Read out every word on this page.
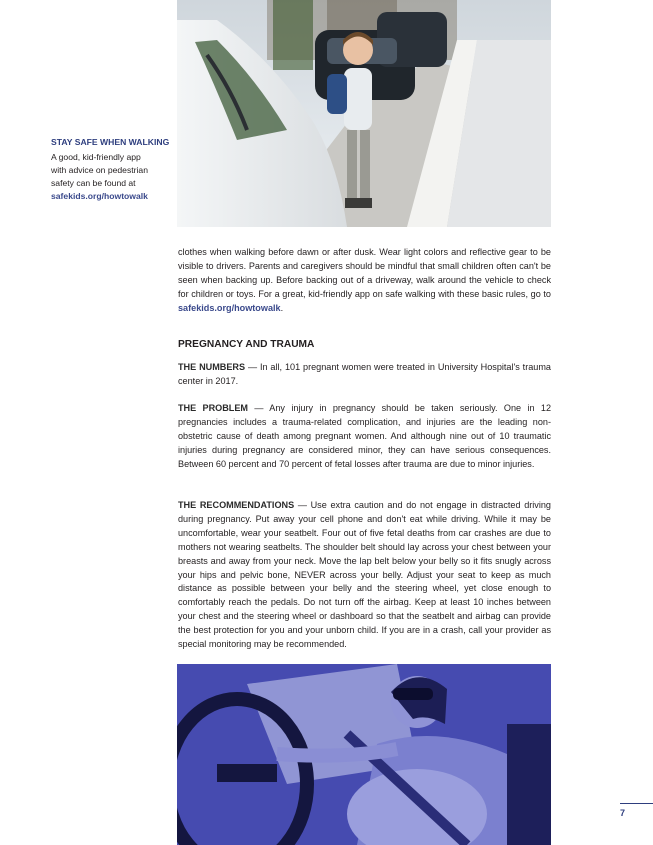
STAY SAFE WHEN WALKING
A good, kid-friendly app
with advice on pedestrian
safety can be found at
safekids.org/howtowalk

clothes when walking before dawn or after dusk. Wear light colors and reflective gear to be visible to drivers. Parents and caregivers should be mindful that small children often can't be seen when backing up. Before backing out of a driveway, walk around the vehicle to check for children or toys. For a great, kid-friendly app on safe walking with these basic rules, go to safekids.org/howtowalk.

PREGNANCY AND TRAUMA
THE NUMBERS — In all, 101 pregnant women were treated in University Hospital's trauma center in 2017.
THE PROBLEM — Any injury in pregnancy should be taken seriously. One in 12 pregnancies includes a trauma-related complication, and injuries are the leading non-obstetric cause of death among pregnant women. And although nine out of 10 traumatic injuries during pregnancy are considered minor, they can have serious consequences. Between 60 percent and 70 percent of fetal losses after trauma are due to minor injuries.
THE RECOMMENDATIONS — Use extra caution and do not engage in distracted driving during pregnancy. Put away your cell phone and don't eat while driving. While it may be uncomfortable, wear your seatbelt. Four out of five fetal deaths from car crashes are due to mothers not wearing seatbelts. The shoulder belt should lay across your chest between your breasts and away from your neck. Move the lap belt below your belly so it fits snugly across your hips and pelvic bone, NEVER across your belly. Adjust your seat to keep as much distance as possible between your belly and the steering wheel, yet close enough to comfortably reach the pedals. Do not turn off the airbag. Keep at least 10 inches between your chest and the steering wheel or dashboard so that the seatbelt and airbag can provide the best protection for you and your unborn child. If you are in a crash, call your provider as special monitoring may be recommended.
7
